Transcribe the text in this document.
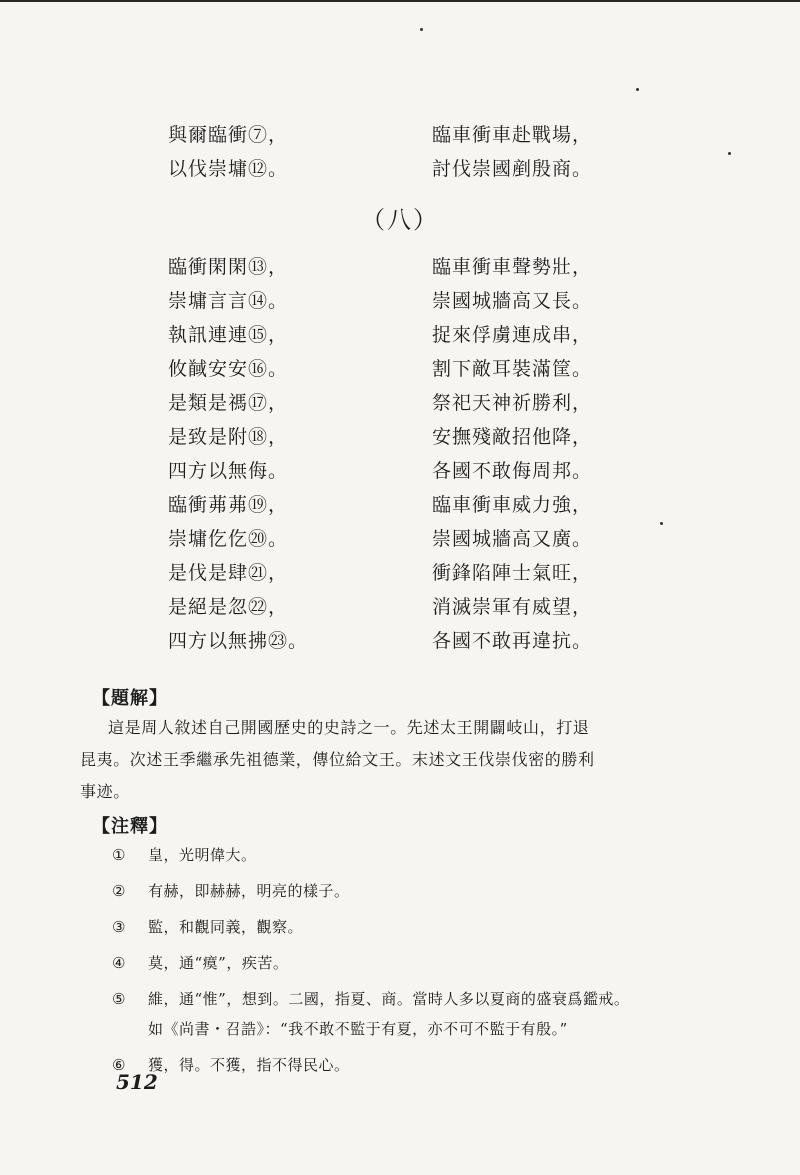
與爾臨衝⑦，	臨車衝車赴戰場，
以伐崇墉⑫。	討伐崇國剷殷商。
（八）
臨衝閑閑⑬，	臨車衝車聲勢壯，
崇墉言言⑭。	崇國城牆高又長。
執訊連連⑮，	捉來俘虜連成串，
攸馘安安⑯。	割下敵耳裝滿筐。
是類是禡⑰，	祭祀天神祈勝利，
是致是附⑱，	安撫殘敵招他降，
四方以無侮。	各國不敢侮周邦。
臨衝茀茀⑲，	臨車衝車威力強，
崇墉仡仡⑳。	崇國城牆高又廣。
是伐是肆㉑，	衝鋒陷陣士氣旺，
是絕是忽㉒，	消滅崇軍有威望，
四方以無拂㉓。	各國不敢再違抗。
【題解】
這是周人敘述自己開國歷史的史詩之一。先述太王開闢岐山，打退
昆夷。次述王季繼承先祖德業，傳位給文王。末述文王伐崇伐密的勝利
事迹。
【注釋】
①	皇，光明偉大。
②	有赫，即赫赫，明亮的樣子。
③	監，和觀同義，觀察。
④	莫，通“瘼”，疾苦。
⑤	維，通“惟”，想到。二國，指夏、商。當時人多以夏商的盛衰爲鑑戒。
如《尚書・召誥》：“我不敢不監于有夏，亦不可不監于有殷。”
⑥	獲，得。不獲，指不得民心。
512
